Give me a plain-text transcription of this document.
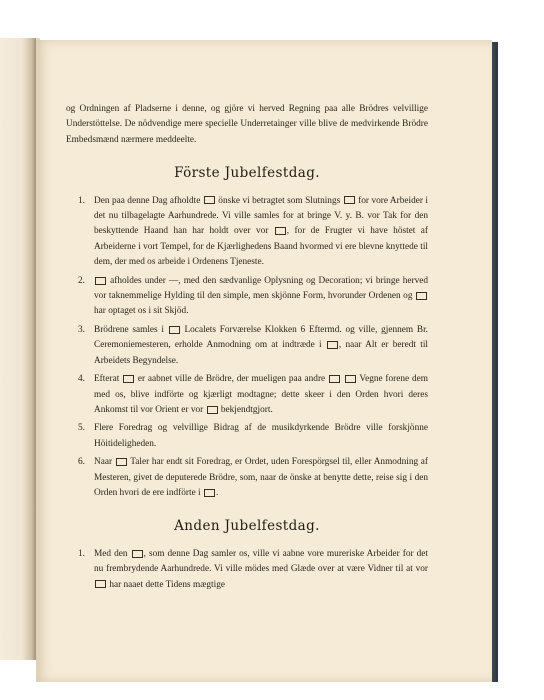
og Ordningen af Pladserne i denne, og gjöre vi herved Regning paa alle Brödres velvillige Understöttelse. De nödvendige mere specielle Underretainger ville blive de medvirkende Brödre Embedsmænd nærmere meddeelte.

Förste Jubelfestdag.
1. Den paa denne Dag afholdte  önske vi betragtet som Slutnings  for vore Arbeider i det nu tilbagelagte Aarhundrede. Vi ville samles for at bringe V. y. B. vor Tak for den beskyttende Haand han har holdt over vor , for de Frugter vi have höstet af Arbeiderne i vort Tempel, for de Kjærlighedens Baand hvormed vi ere blevne knyttede til dem, der med os arbeide i Ordenens Tjeneste.
2. afholdes under —, med den sædvanlige Oplysning og Decoration; vi bringe herved vor taknemmelige Hylding til den simple, men skjönne Form, hvorunder Ordenen og  har optaget os i sit Skjöd.
3. Brödrene samles i  Localets Forværelse Klokken 6 Eftermd. og ville, gjennem Br. Ceremoniemesteren, erholde Anmodning om at indtræde i , naar Alt er beredt til Arbeidets Begyndelse.
4. Efterat  er aabnet ville de Brödre, der mueligen paa andre	Vegne forene dem med os, blive indförte og kjærligt modtagne; dette skeer i den Orden hvori deres Ankomst til vor Orient er vor  bekjendtgjort.
5. Flere Foredrag og velvillige Bidrag af de musikdyrkende Brödre ville forskjönne Höitideligheden.
6. Naar  Taler har endt sit Foredrag, er Ordet, uden Forespörgsel til, eller Anmodning af Mesteren, givet de deputerede Brödre, som, naar de önske at benytte dette, reise sig i den Orden hvori de ere indförte i .
Anden Jubelfestdag.
1. Med den , som denne Dag samler os, ville vi aabne vore mureriske Arbeider for det nu frembrydende Aarhundrede. Vi ville mödes med Glæde over at være Vidner til at vor  har naaet dette Tidens mægtige
